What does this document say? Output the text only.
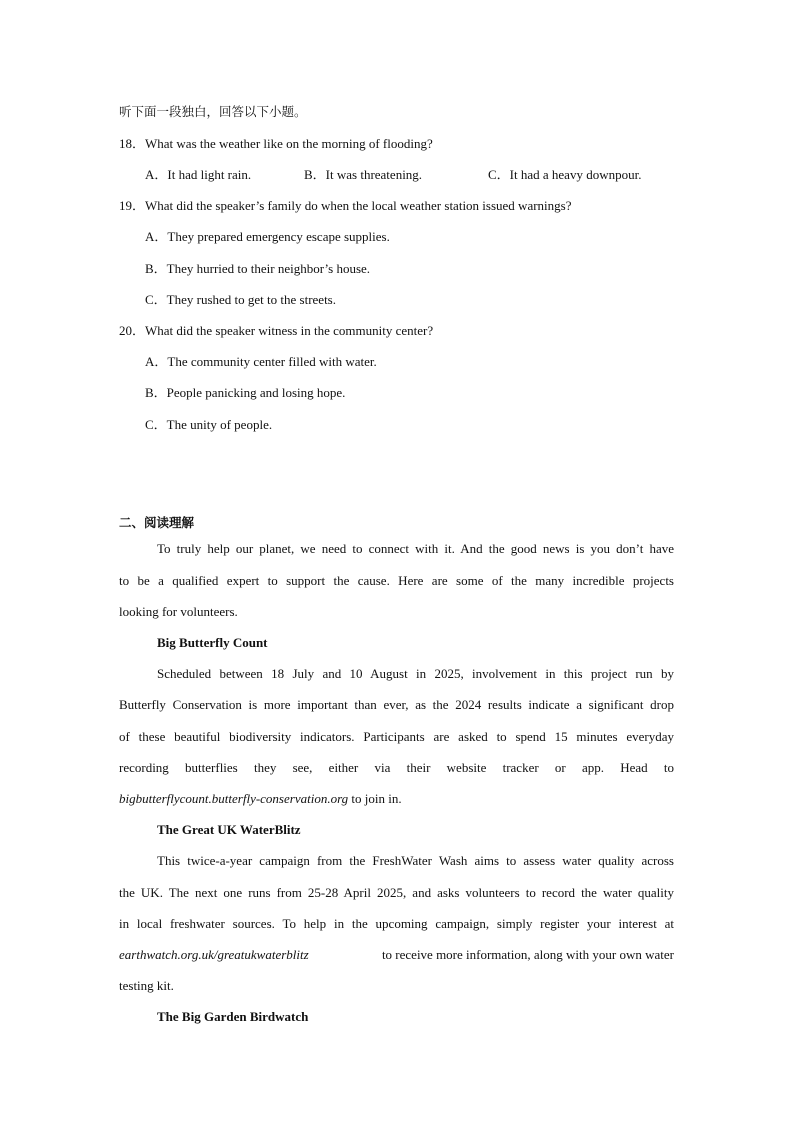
听下面一段独白，回答以下小题。
18．What was the weather like on the morning of flooding?
A．It had light rain.	B．It was threatening.	C．It had a heavy downpour.
19．What did the speaker’s family do when the local weather station issued warnings?
A．They prepared emergency escape supplies.
B．They hurried to their neighbor’s house.
C．They rushed to get to the streets.
20．What did the speaker witness in the community center?
A．The community center filled with water.
B．People panicking and losing hope.
C．The unity of people.
二、阅读理解
To truly help our planet, we need to connect with it. And the good news is you don’t have
to be a qualified expert to support the cause. Here are some of the many incredible projects
looking for volunteers.
Big Butterfly Count
Scheduled between 18 July and 10 August in 2025, involvement in this project run by
Butterfly Conservation is more important than ever, as the 2024 results indicate a significant drop
of these beautiful biodiversity indicators. Participants are asked to spend 15 minutes everyday
recording butterflies they see, either via their website tracker or app. Head to
bigbutterflycount.butterfly-conservation.org to join in.
The Great UK WaterBlitz
This twice-a-year campaign from the FreshWater Wash aims to assess water quality across
the UK. The next one runs from 25-28 April 2025, and asks volunteers to record the water quality
in local freshwater sources. To help in the upcoming campaign, simply register your interest at
earthwatch.org.uk/greatukwaterblitz	to receive more information, along with your own water
testing kit.
The Big Garden Birdwatch
